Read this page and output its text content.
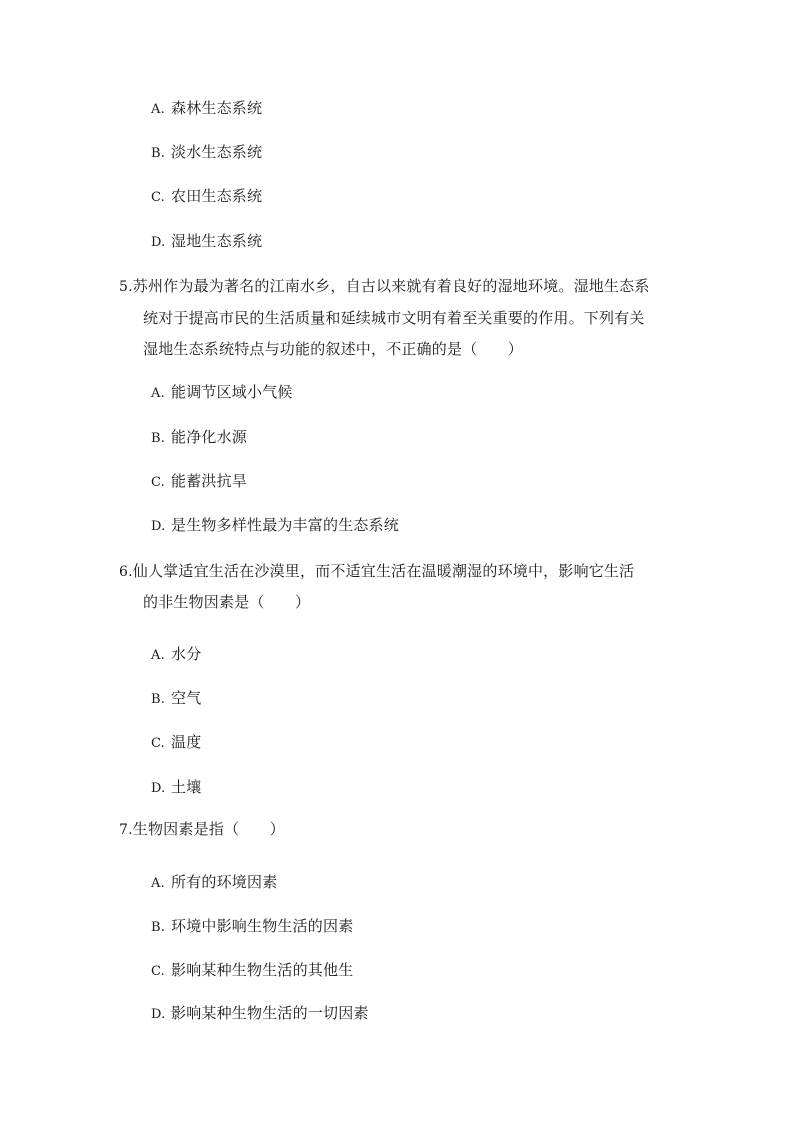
A. 森林生态系统
B. 淡水生态系统
C. 农田生态系统
D. 湿地生态系统
5.苏州作为最为著名的江南水乡，自古以来就有着良好的湿地环境。湿地生态系
统对于提高市民的生活质量和延续城市文明有着至关重要的作用。下列有关
湿地生态系统特点与功能的叙述中，不正确的是（　　）
A. 能调节区域小气候
B. 能净化水源
C. 能蓄洪抗旱
D. 是生物多样性最为丰富的生态系统
6.仙人掌适宜生活在沙漠里，而不适宜生活在温暖潮湿的环境中，影响它生活
的非生物因素是（　　）
A. 水分
B. 空气
C. 温度
D. 土壤
7.生物因素是指（　　）
A. 所有的环境因素
B. 环境中影响生物生活的因素
C. 影响某种生物生活的其他生
D. 影响某种生物生活的一切因素
